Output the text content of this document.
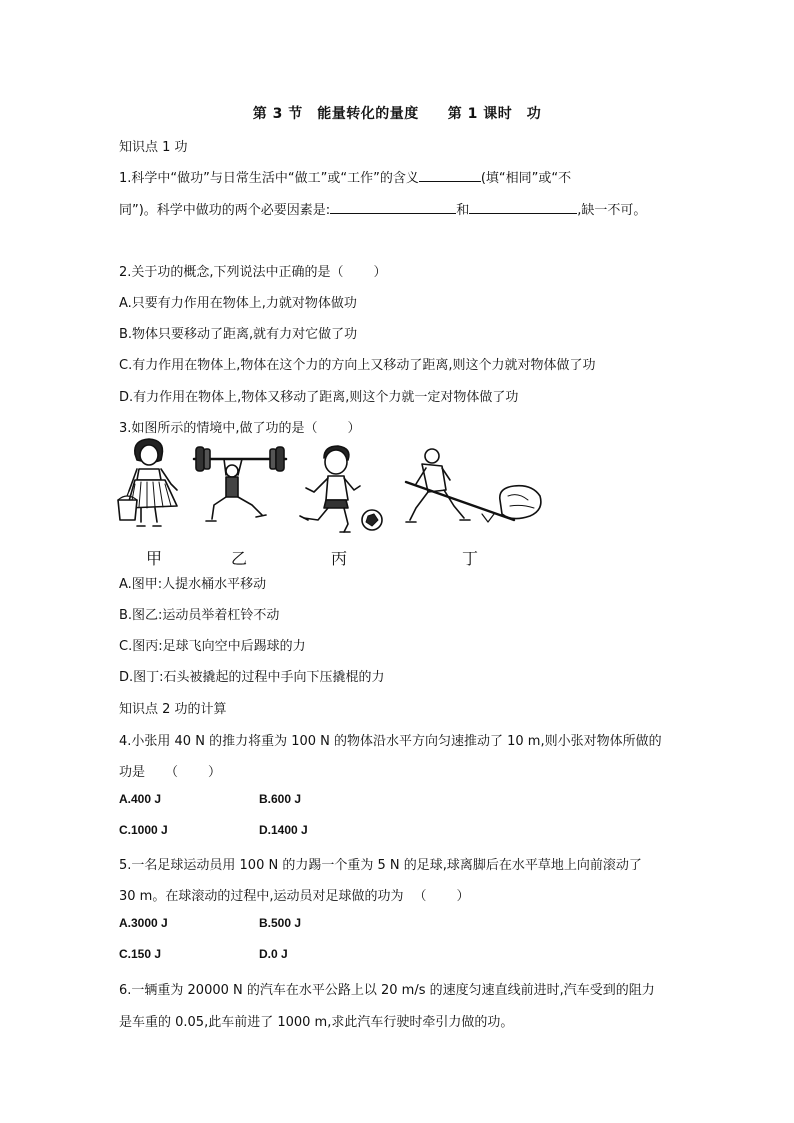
第 3 节　能量转化的量度　　第 1 课时　功
知识点 1 功
1.科学中“做功”与日常生活中“做工”或“工作”的含义	(填“相同”或“不
同”)。科学中做功的两个必要因素是:	和	,缺一不可。
2.关于功的概念,下列说法中正确的是（ ）
A.只要有力作用在物体上,力就对物体做功
B.物体只要移动了距离,就有力对它做了功
C.有力作用在物体上,物体在这个力的方向上又移动了距离,则这个力就对物体做了功
D.有力作用在物体上,物体又移动了距离,则这个力就一定对物体做了功
3.如图所示的情境中,做了功的是（ ）
甲	乙	丙	丁
A.图甲:人提水桶水平移动
B.图乙:运动员举着杠铃不动
C.图丙:足球飞向空中后踢球的力
D.图丁:石头被撬起的过程中手向下压撬棍的力
知识点 2 功的计算
4.小张用 40 N 的推力将重为 100 N 的物体沿水平方向匀速推动了 10 m,则小张对物体所做的
功是 （ ）
A.400 J	B.600 J
C.1000 J	D.1400 J
5.一名足球运动员用 100 N 的力踢一个重为 5 N 的足球,球离脚后在水平草地上向前滚动了
30 m。在球滚动的过程中,运动员对足球做的功为 （ ）
A.3000 J	B.500 J
C.150 J	D.0 J
6.一辆重为 20000 N 的汽车在水平公路上以 20 m/s 的速度匀速直线前进时,汽车受到的阻力
是车重的 0.05,此车前进了 1000 m,求此汽车行驶时牵引力做的功。
